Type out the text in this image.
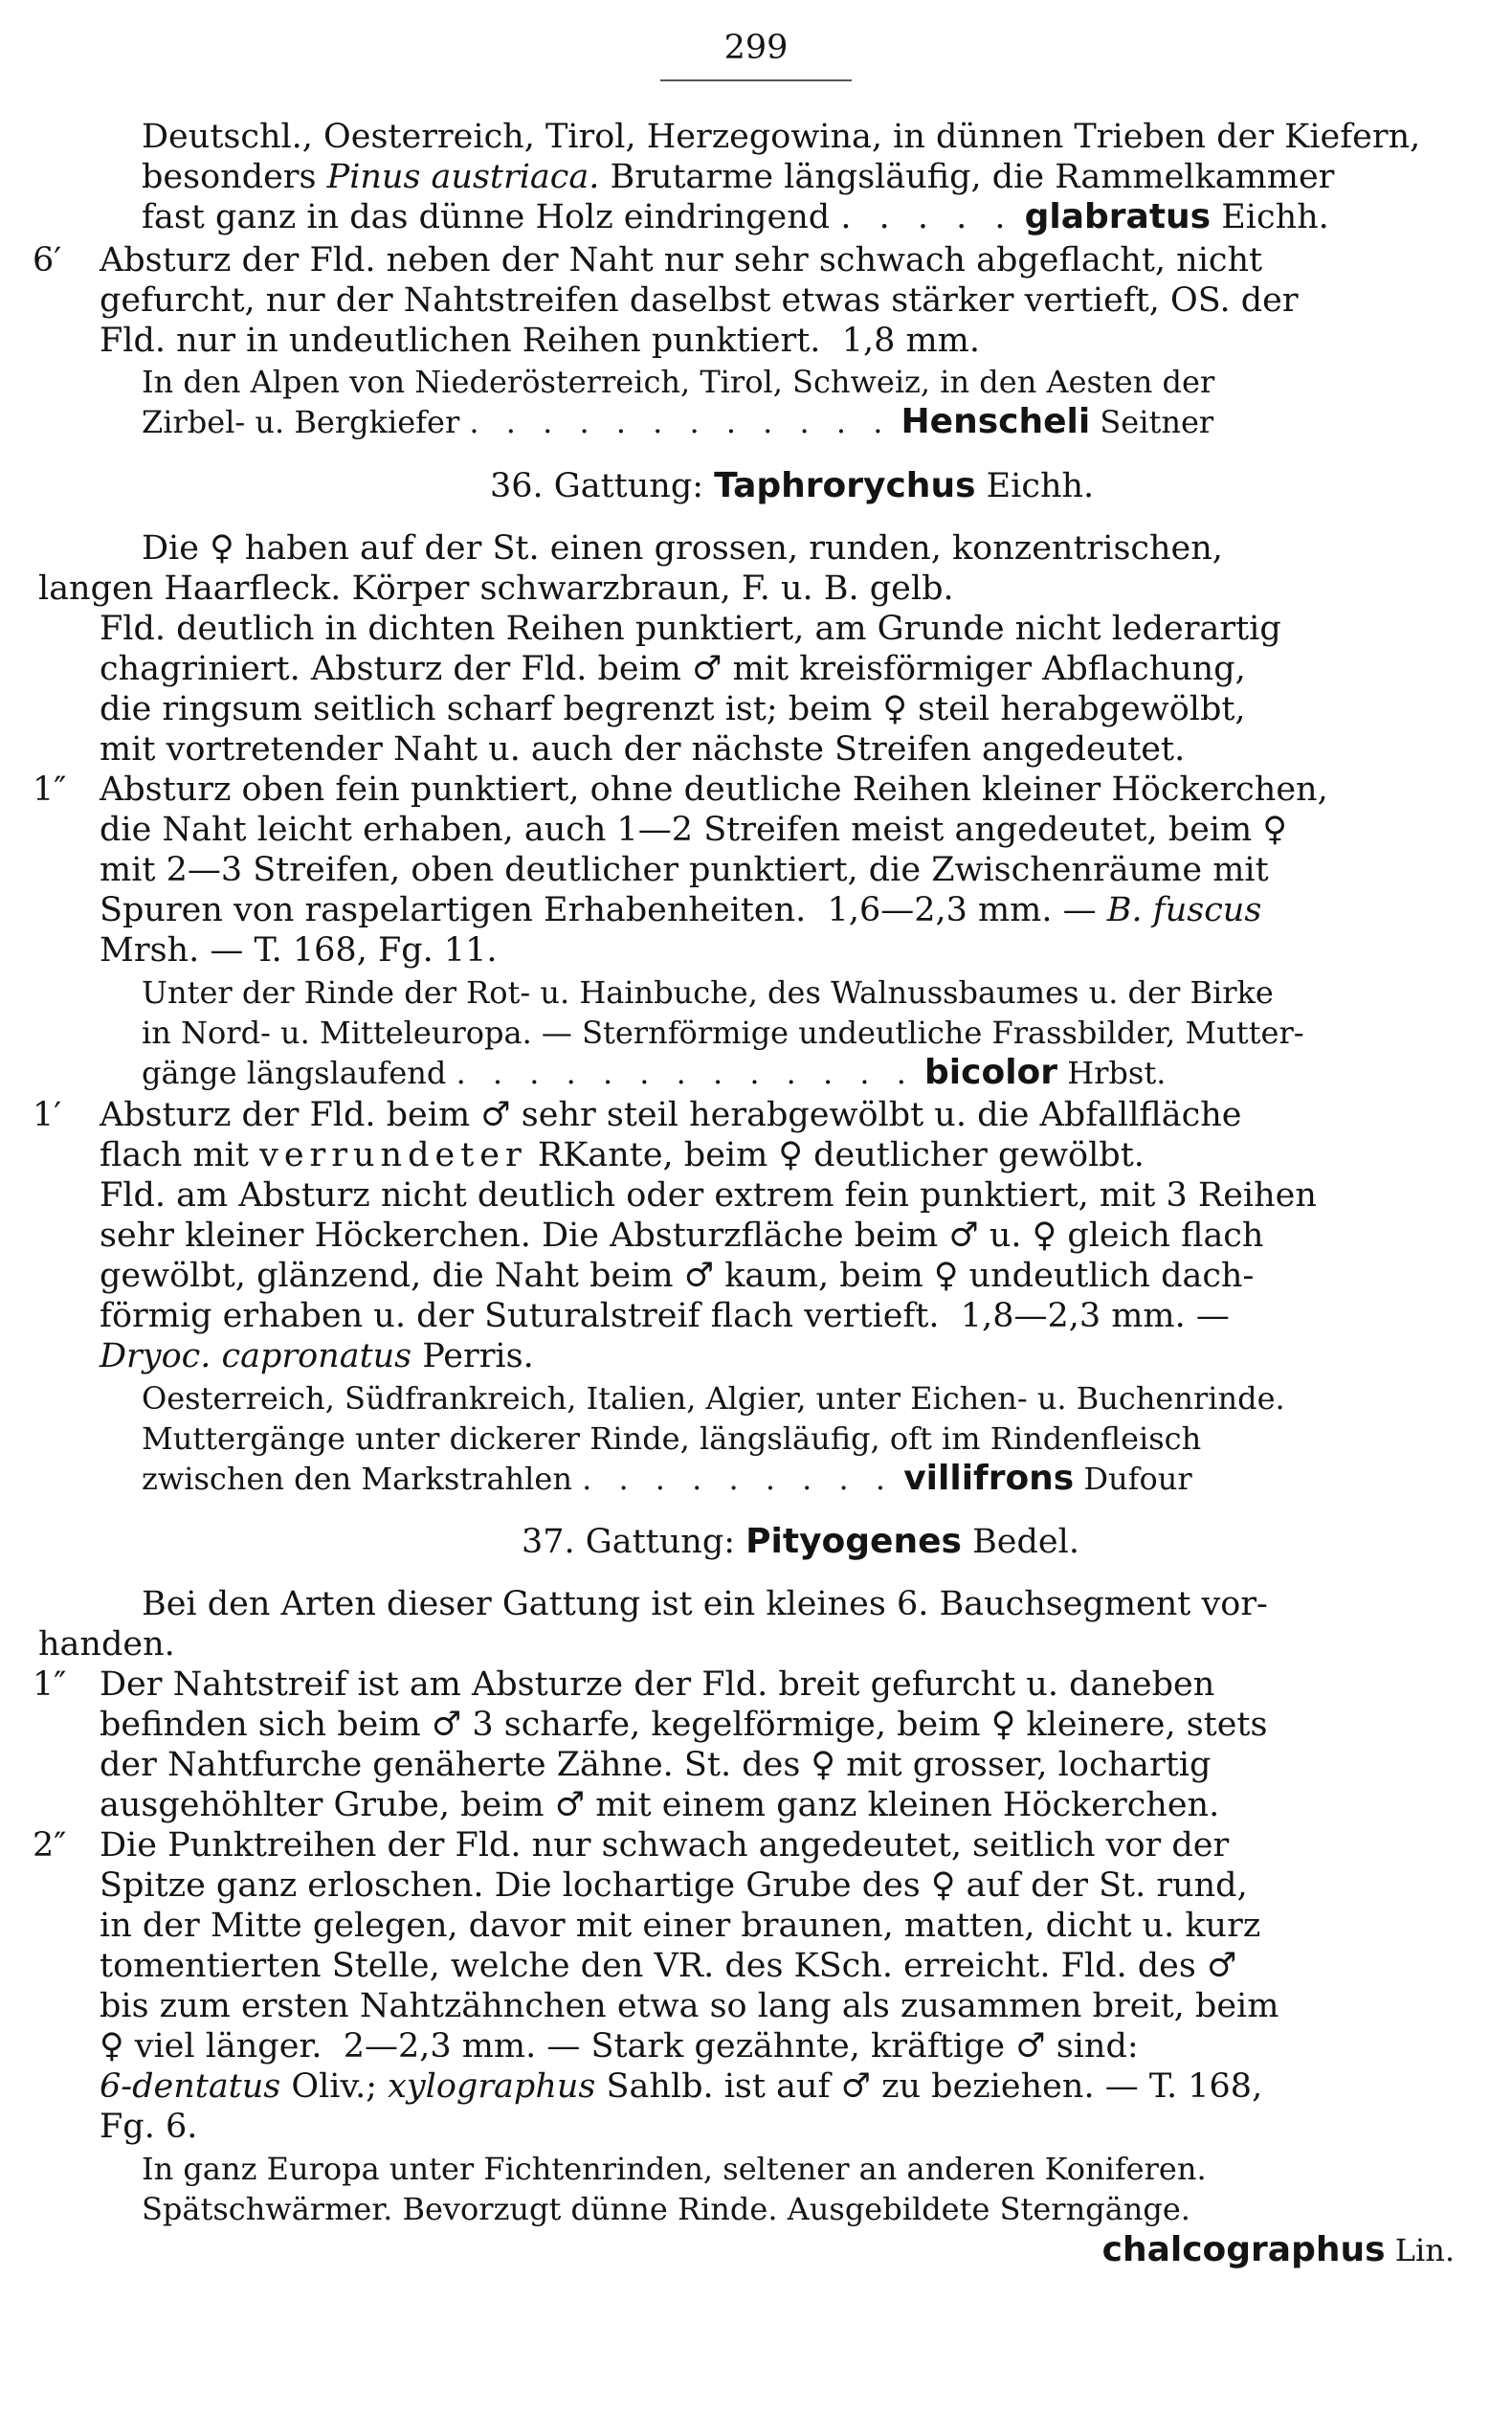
299
Deutschl., Oesterreich, Tirol, Herzegowina, in dünnen Trieben der Kiefern,
besonders Pinus austriaca. Brutarme längsläufig, die Rammelkammer
fast ganz in das dünne Holz eindringend . . . . . glabratus Eichh.
6′	Absturz der Fld. neben der Naht nur sehr schwach abgeflacht, nicht
gefurcht, nur der Nahtstreifen daselbst etwas stärker vertieft, OS. der
Fld. nur in undeutlichen Reihen punktiert.  1,8 mm.
In den Alpen von Niederösterreich, Tirol, Schweiz, in den Aesten der
Zirbel- u. Bergkiefer . . . . . . . . . . . . Henscheli Seitner
36. Gattung: Taphrorychus Eichh.
Die ♀ haben auf der St. einen grossen, runden, konzentrischen,
langen Haarfleck. Körper schwarzbraun, F. u. B. gelb.
Fld. deutlich in dichten Reihen punktiert, am Grunde nicht lederartig
chagriniert. Absturz der Fld. beim ♂ mit kreisförmiger Abflachung,
die ringsum seitlich scharf begrenzt ist; beim ♀ steil herabgewölbt,
mit vortretender Naht u. auch der nächste Streifen angedeutet.
1″ Absturz oben fein punktiert, ohne deutliche Reihen kleiner Höckerchen,
die Naht leicht erhaben, auch 1—2 Streifen meist angedeutet, beim ♀
mit 2—3 Streifen, oben deutlicher punktiert, die Zwischenräume mit
Spuren von raspelartigen Erhabenheiten.  1,6—2,3 mm. — B. fuscus
Mrsh. — T. 168, Fg. 11.
Unter der Rinde der Rot- u. Hainbuche, des Walnussbaumes u. der Birke
in Nord- u. Mitteleuropa. — Sternförmige undeutliche Frassbilder, Mutter-
gänge längslaufend . . . . . . . . . . . . . bicolor Hrbst.
1′	Absturz der Fld. beim ♂ sehr steil herabgewölbt u. die Abfallfläche
flach mit verrundeter RKante, beim ♀ deutlicher gewölbt.
Fld. am Absturz nicht deutlich oder extrem fein punktiert, mit 3 Reihen
sehr kleiner Höckerchen. Die Absturzfläche beim ♂ u. ♀ gleich flach
gewölbt, glänzend, die Naht beim ♂ kaum, beim ♀ undeutlich dach-
förmig erhaben u. der Suturalstreif flach vertieft.  1,8—2,3 mm. —
Dryoc. capronatus Perris.
Oesterreich, Südfrankreich, Italien, Algier, unter Eichen- u. Buchenrinde.
Muttergänge unter dickerer Rinde, längsläufig, oft im Rindenfleisch
zwischen den Markstrahlen . . . . . . . . . villifrons Dufour
37. Gattung: Pityogenes Bedel.
Bei den Arten dieser Gattung ist ein kleines 6. Bauchsegment vor-
handen.
1″ Der Nahtstreif ist am Absturze der Fld. breit gefurcht u. daneben
befinden sich beim ♂ 3 scharfe, kegelförmige, beim ♀ kleinere, stets
der Nahtfurche genäherte Zähne. St. des ♀ mit grosser, lochartig
ausgehöhlter Grube, beim ♂ mit einem ganz kleinen Höckerchen.
2″ Die Punktreihen der Fld. nur schwach angedeutet, seitlich vor der
Spitze ganz erloschen. Die lochartige Grube des ♀ auf der St. rund,
in der Mitte gelegen, davor mit einer braunen, matten, dicht u. kurz
tomentierten Stelle, welche den VR. des KSch. erreicht. Fld. des ♂
bis zum ersten Nahtzähnchen etwa so lang als zusammen breit, beim
♀ viel länger.  2—2,3 mm. — Stark gezähnte, kräftige ♂ sind:
6-dentatus Oliv.; xylographus Sahlb. ist auf ♂ zu beziehen. — T. 168,
Fg. 6.
In ganz Europa unter Fichtenrinden, seltener an anderen Koniferen.
Spätschwärmer. Bevorzugt dünne Rinde. Ausgebildete Sterngänge.
chalcographus Lin.
